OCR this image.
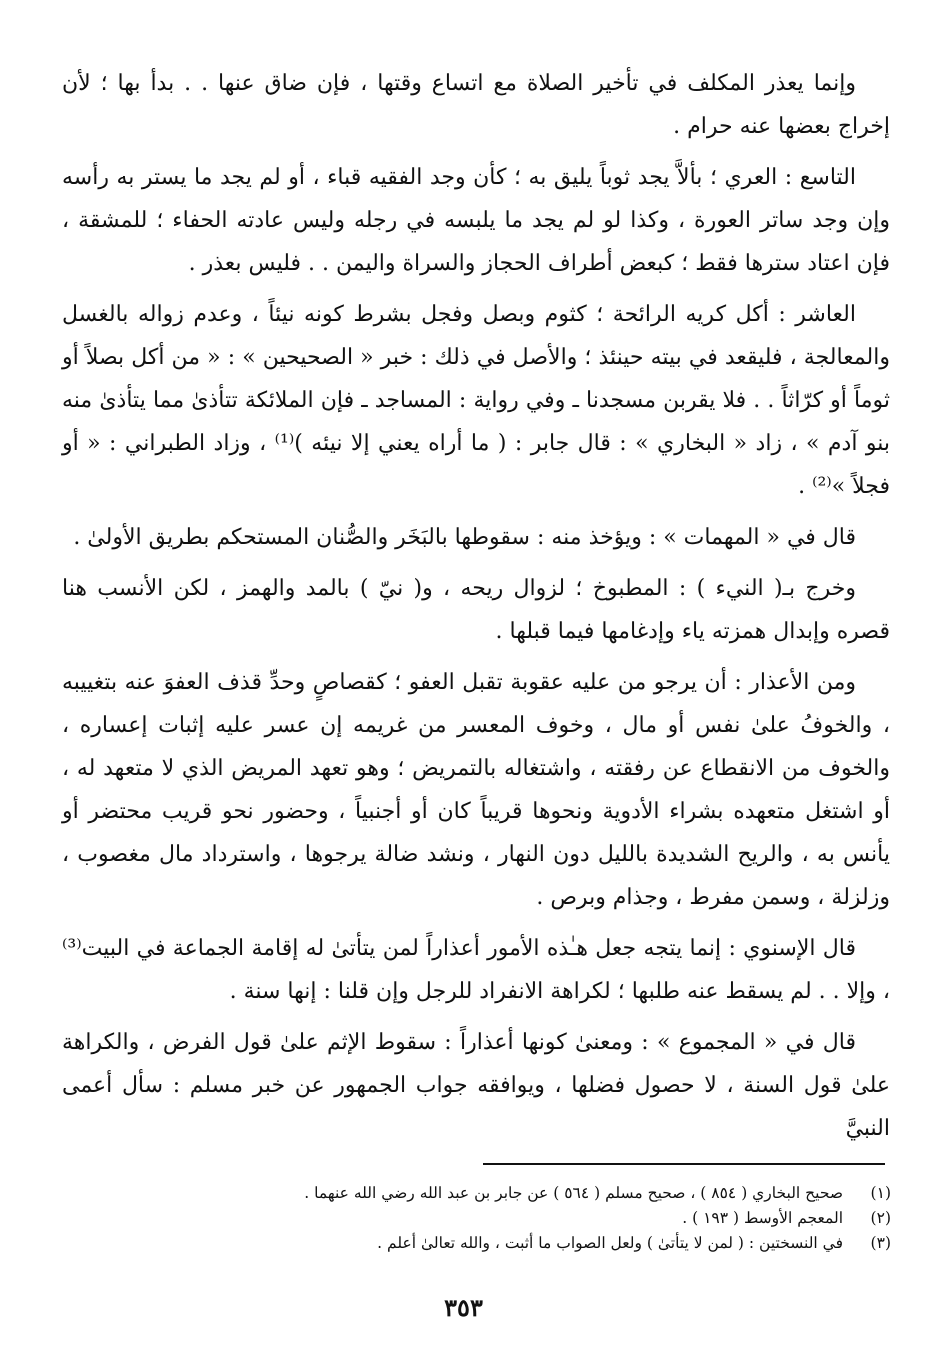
وإنما يعذر المكلف في تأخير الصلاة مع اتساع وقتها ، فإن ضاق عنها . . بدأ بها ؛ لأن إخراج بعضها عنه حرام .

التاسع : العري ؛ بألاَّ يجد ثوباً يليق به ؛ كأن وجد الفقيه قباء ، أو لم يجد ما يستر به رأسه وإن وجد ساتر العورة ، وكذا لو لم يجد ما يلبسه في رجله وليس عادته الحفاء ؛ للمشقة ، فإن اعتاد سترها فقط ؛ كبعض أطراف الحجاز والسراة واليمن . . فليس بعذر .

العاشر : أكل كريه الرائحة ؛ كثوم وبصل وفجل بشرط كونه نيئاً ، وعدم زواله بالغسل والمعالجة ، فليقعد في بيته حينئذ ؛ والأصل في ذلك : خبر « الصحيحين » : « من أكل بصلاً أو ثوماً أو كرّاثاً . . فلا يقربن مسجدنا ـ وفي رواية : المساجد ـ فإن الملائكة تتأذىٰ مما يتأذىٰ منه بنو آدم » ، زاد « البخاري » : قال جابر : ( ما أراه يعني إلا نيئه )⁽¹⁾ ، وزاد الطبراني : « أو فجلاً »⁽²⁾ .

قال في « المهمات » : ويؤخذ منه : سقوطها بالبَخَر والصُّنان المستحكم بطريق الأولىٰ .

وخرج بـ( النيء ) : المطبوخ ؛ لزوال ريحه ، و( نيّ ) بالمد والهمز ، لكن الأنسب هنا قصره وإبدال همزته ياء وإدغامها فيما قبلها .

ومن الأعذار : أن يرجو من عليه عقوبة تقبل العفو ؛ كقصاصٍ وحدِّ قذف العفوَ عنه بتغييبه ، والخوفُ علىٰ نفس أو مال ، وخوف المعسر من غريمه إن عسر عليه إثبات إعساره ، والخوف من الانقطاع عن رفقته ، واشتغاله بالتمريض ؛ وهو تعهد المريض الذي لا متعهد له ، أو اشتغل متعهده بشراء الأدوية ونحوها قريباً كان أو أجنبياً ، وحضور نحو قريب محتضر أو يأنس به ، والريح الشديدة بالليل دون النهار ، ونشد ضالة يرجوها ، واسترداد مال مغصوب ، وزلزلة ، وسمن مفرط ، وجذام وبرص .

قال الإسنوي : إنما يتجه جعل هـٰذه الأمور أعذاراً لمن يتأتىٰ له إقامة الجماعة في البيت⁽³⁾ ، وإلا . . لم يسقط عنه طلبها ؛ لكراهة الانفراد للرجل وإن قلنا : إنها سنة .

قال في « المجموع » : ومعنىٰ كونها أعذاراً : سقوط الإثم علىٰ قول الفرض ، والكراهة علىٰ قول السنة ، لا حصول فضلها ، ويوافقه جواب الجمهور عن خبر مسلم : سأل أعمى النبيَّ

(١)صحيح البخاري ( ٨٥٤ ) ، صحيح مسلم ( ٥٦٤ ) عن جابر بن عبد الله رضي الله عنهما .

(٢)المعجم الأوسط ( ١٩٣ ) .

(٣)في النسختين : ( لمن لا يتأتىٰ ) ولعل الصواب ما أثبت ، والله تعالىٰ أعلم .

٣٥٣
